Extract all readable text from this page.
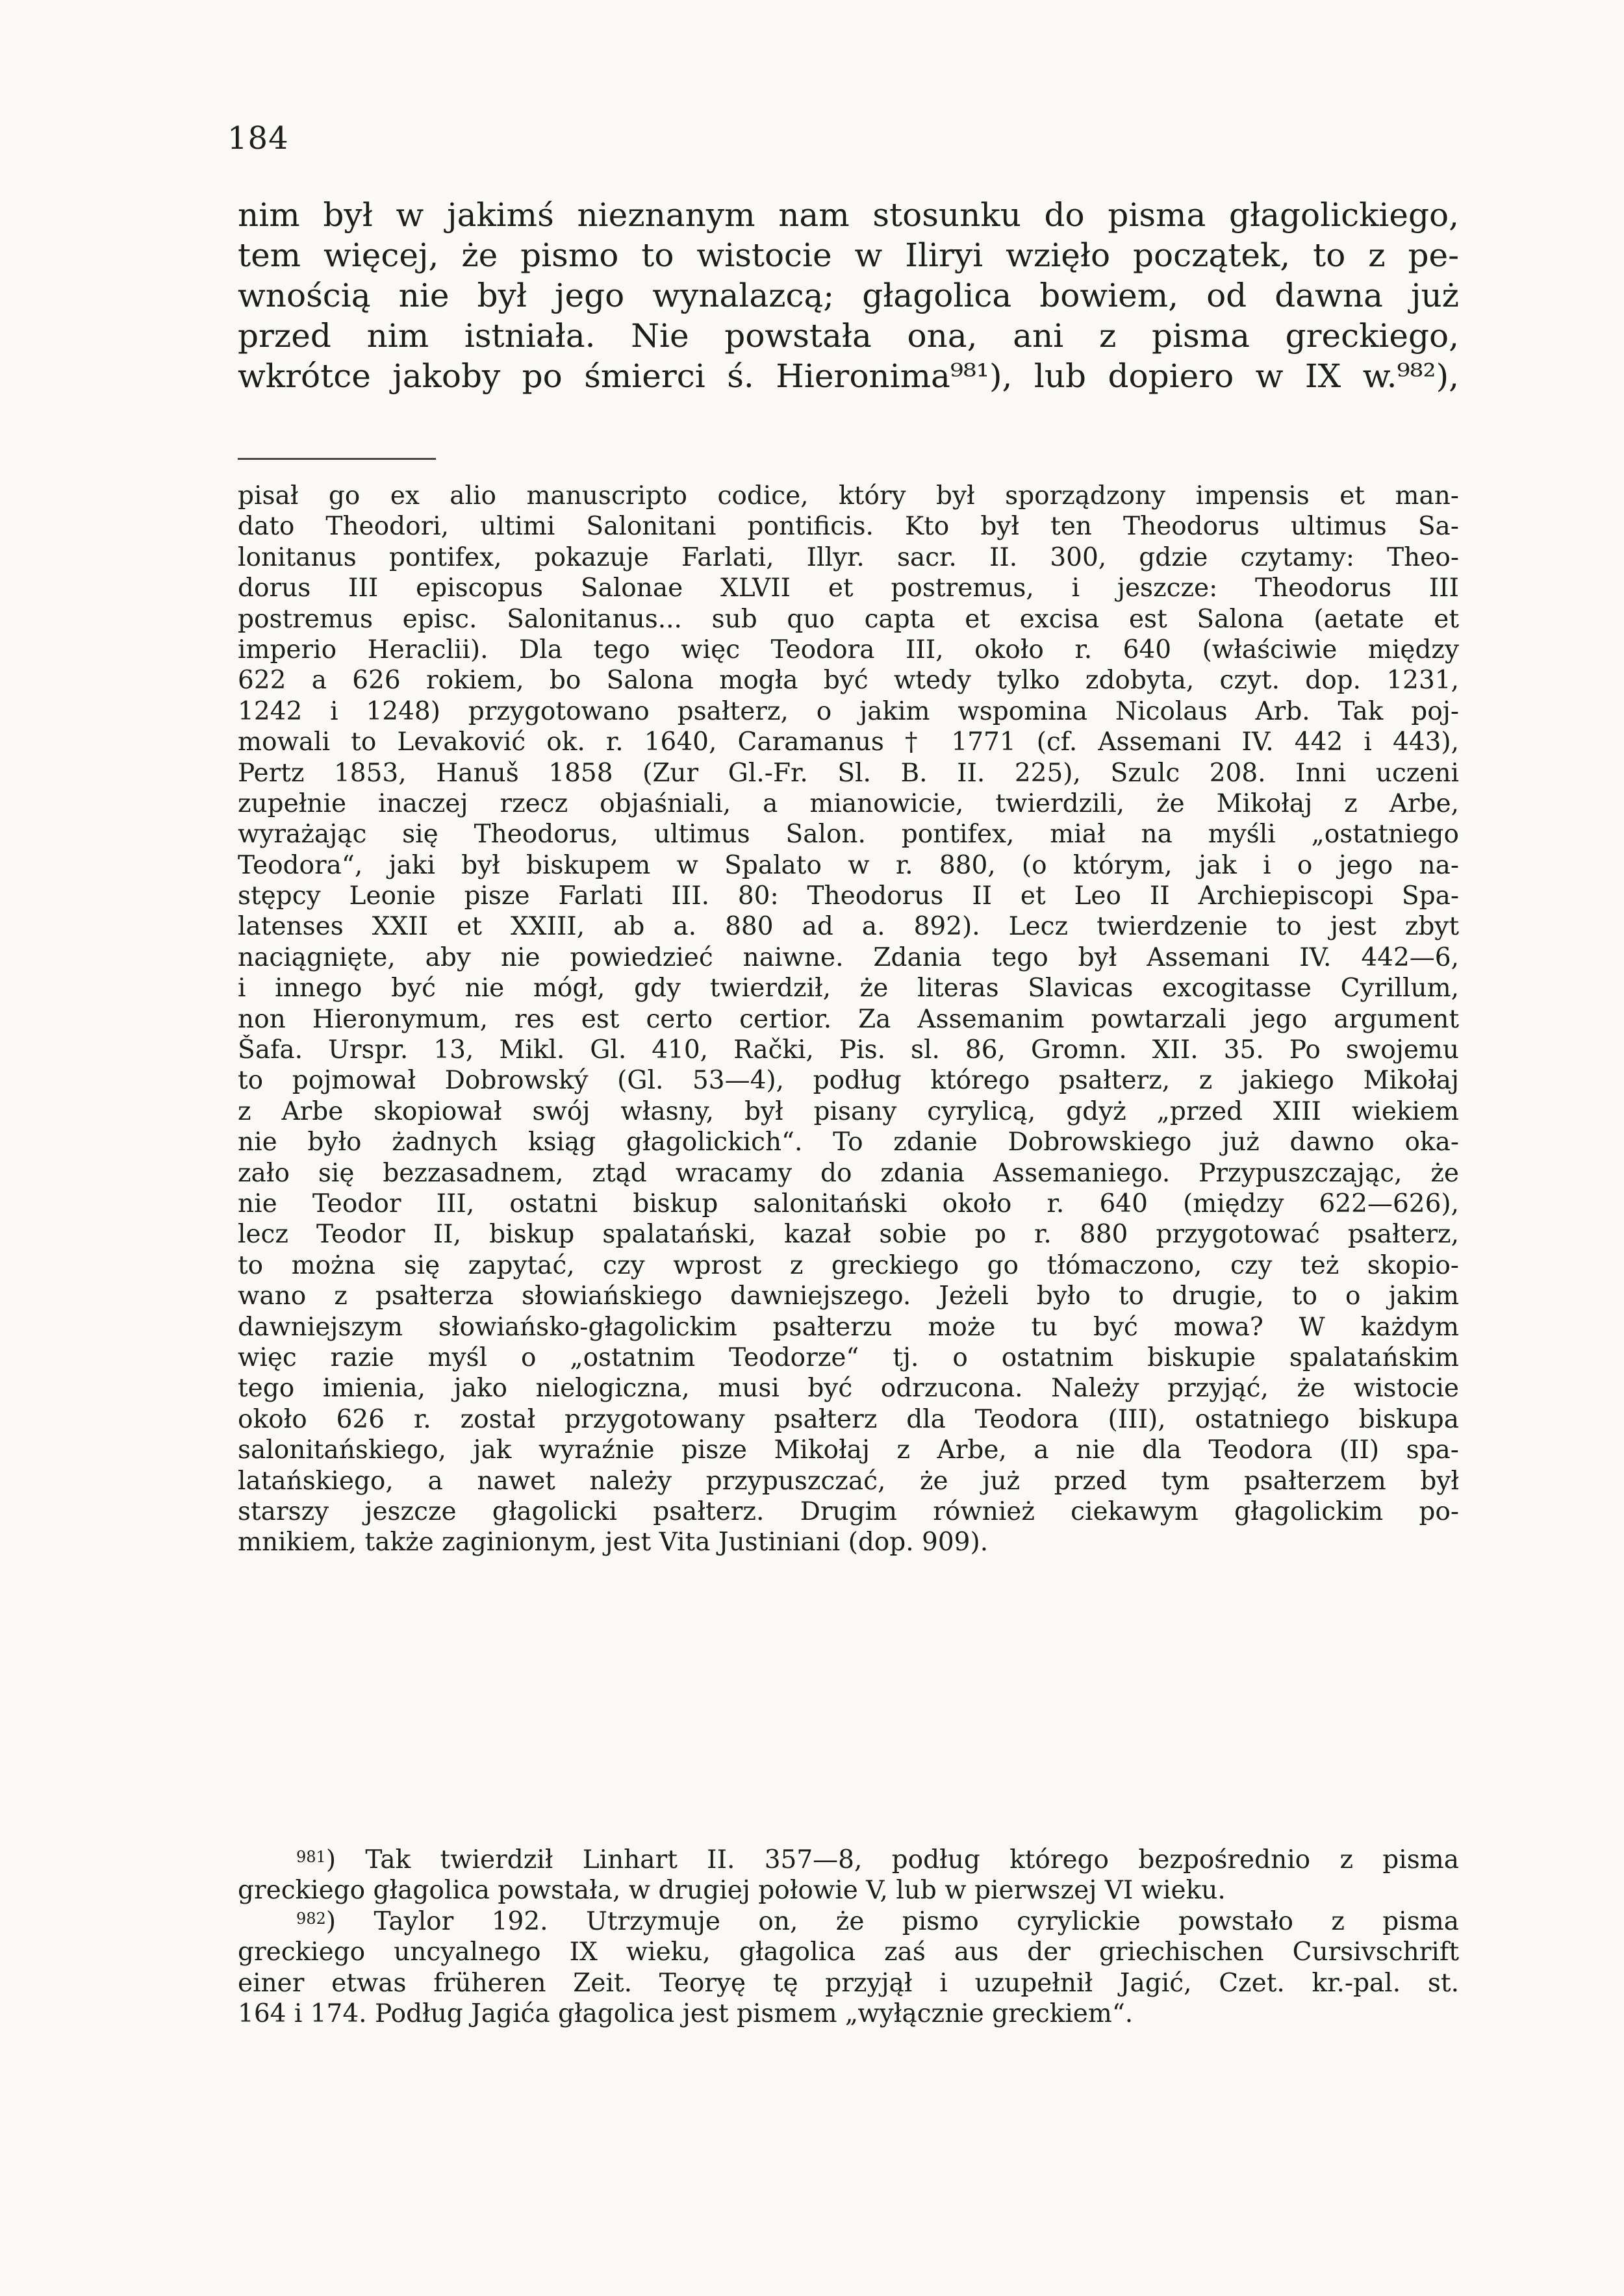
184
nim był w jakimś nieznanym nam stosunku do pisma głagolickiego,
tem więcej, że pismo to wistocie w Iliryi wzięło początek, to z pe-
wnością nie był jego wynalazcą; głagolica bowiem, od dawna już
przed nim istniała. Nie powstała ona, ani z pisma greckiego,
wkrótce jakoby po śmierci ś. Hieronima⁹⁸¹), lub dopiero w IX w.⁹⁸²),
pisał go ex alio manuscripto codice, który był sporządzony impensis et man-
dato Theodori, ultimi Salonitani pontificis. Kto był ten Theodorus ultimus Sa-
lonitanus pontifex, pokazuje Farlati, Illyr. sacr. II. 300, gdzie czytamy: Theo-
dorus III episcopus Salonae XLVII et postremus, i jeszcze: Theodorus III
postremus episc. Salonitanus... sub quo capta et excisa est Salona (aetate et
imperio Heraclii). Dla tego więc Teodora III, około r. 640 (właściwie między
622 a 626 rokiem, bo Salona mogła być wtedy tylko zdobyta, czyt. dop. 1231,
1242 i 1248) przygotowano psałterz, o jakim wspomina Nicolaus Arb. Tak poj-
mowali to Levaković ok. r. 1640, Caramanus † 1771 (cf. Assemani IV. 442 i 443),
Pertz 1853, Hanuš 1858 (Zur Gl.-Fr. Sl. B. II. 225), Szulc 208. Inni uczeni
zupełnie inaczej rzecz objaśniali, a mianowicie, twierdzili, że Mikołaj z Arbe,
wyrażając się Theodorus, ultimus Salon. pontifex, miał na myśli „ostatniego
Teodora“, jaki był biskupem w Spalato w r. 880, (o którym, jak i o jego na-
stępcy Leonie pisze Farlati III. 80: Theodorus II et Leo II Archiepiscopi Spa-
latenses XXII et XXIII, ab a. 880 ad a. 892). Lecz twierdzenie to jest zbyt
naciągnięte, aby nie powiedzieć naiwne. Zdania tego był Assemani IV. 442—6,
i innego być nie mógł, gdy twierdził, że literas Slavicas excogitasse Cyrillum,
non Hieronymum, res est certo certior. Za Assemanim powtarzali jego argument
Šafa. Urspr. 13, Mikl. Gl. 410, Rački, Pis. sl. 86, Gromn. XII. 35. Po swojemu
to pojmował Dobrowský (Gl. 53—4), podług którego psałterz, z jakiego Mikołaj
z Arbe skopiował swój własny, był pisany cyrylicą, gdyż „przed XIII wiekiem
nie było żadnych ksiąg głagolickich“. To zdanie Dobrowskiego już dawno oka-
zało się bezzasadnem, ztąd wracamy do zdania Assemaniego. Przypuszczając, że
nie Teodor III, ostatni biskup salonitański około r. 640 (między 622—626),
lecz Teodor II, biskup spalatański, kazał sobie po r. 880 przygotować psałterz,
to można się zapytać, czy wprost z greckiego go tłómaczono, czy też skopio-
wano z psałterza słowiańskiego dawniejszego. Jeżeli było to drugie, to o jakim
dawniejszym słowiańsko-głagolickim psałterzu może tu być mowa? W każdym
więc razie myśl o „ostatnim Teodorze“ tj. o ostatnim biskupie spalatańskim
tego imienia, jako nielogiczna, musi być odrzucona. Należy przyjąć, że wistocie
około 626 r. został przygotowany psałterz dla Teodora (III), ostatniego biskupa
salonitańskiego, jak wyraźnie pisze Mikołaj z Arbe, a nie dla Teodora (II) spa-
latańskiego, a nawet należy przypuszczać, że już przed tym psałterzem był
starszy jeszcze głagolicki psałterz. Drugim również ciekawym głagolickim po-
mnikiem, także zaginionym, jest Vita Justiniani (dop. 909).
$^{981}$) Tak twierdził Linhart II. 357—8, podług którego bezpośrednio z pisma
greckiego głagolica powstała, w drugiej połowie V, lub w pierwszej VI wieku.
$^{982}$) Taylor 192. Utrzymuje on, że pismo cyrylickie powstało z pisma
greckiego uncyalnego IX wieku, głagolica zaś aus der griechischen Cursivschrift
einer etwas früheren Zeit. Teoryę tę przyjął i uzupełnił Jagić, Czet. kr.-pal. st.
164 i 174. Podług Jagića głagolica jest pismem „wyłącznie greckiem“.
